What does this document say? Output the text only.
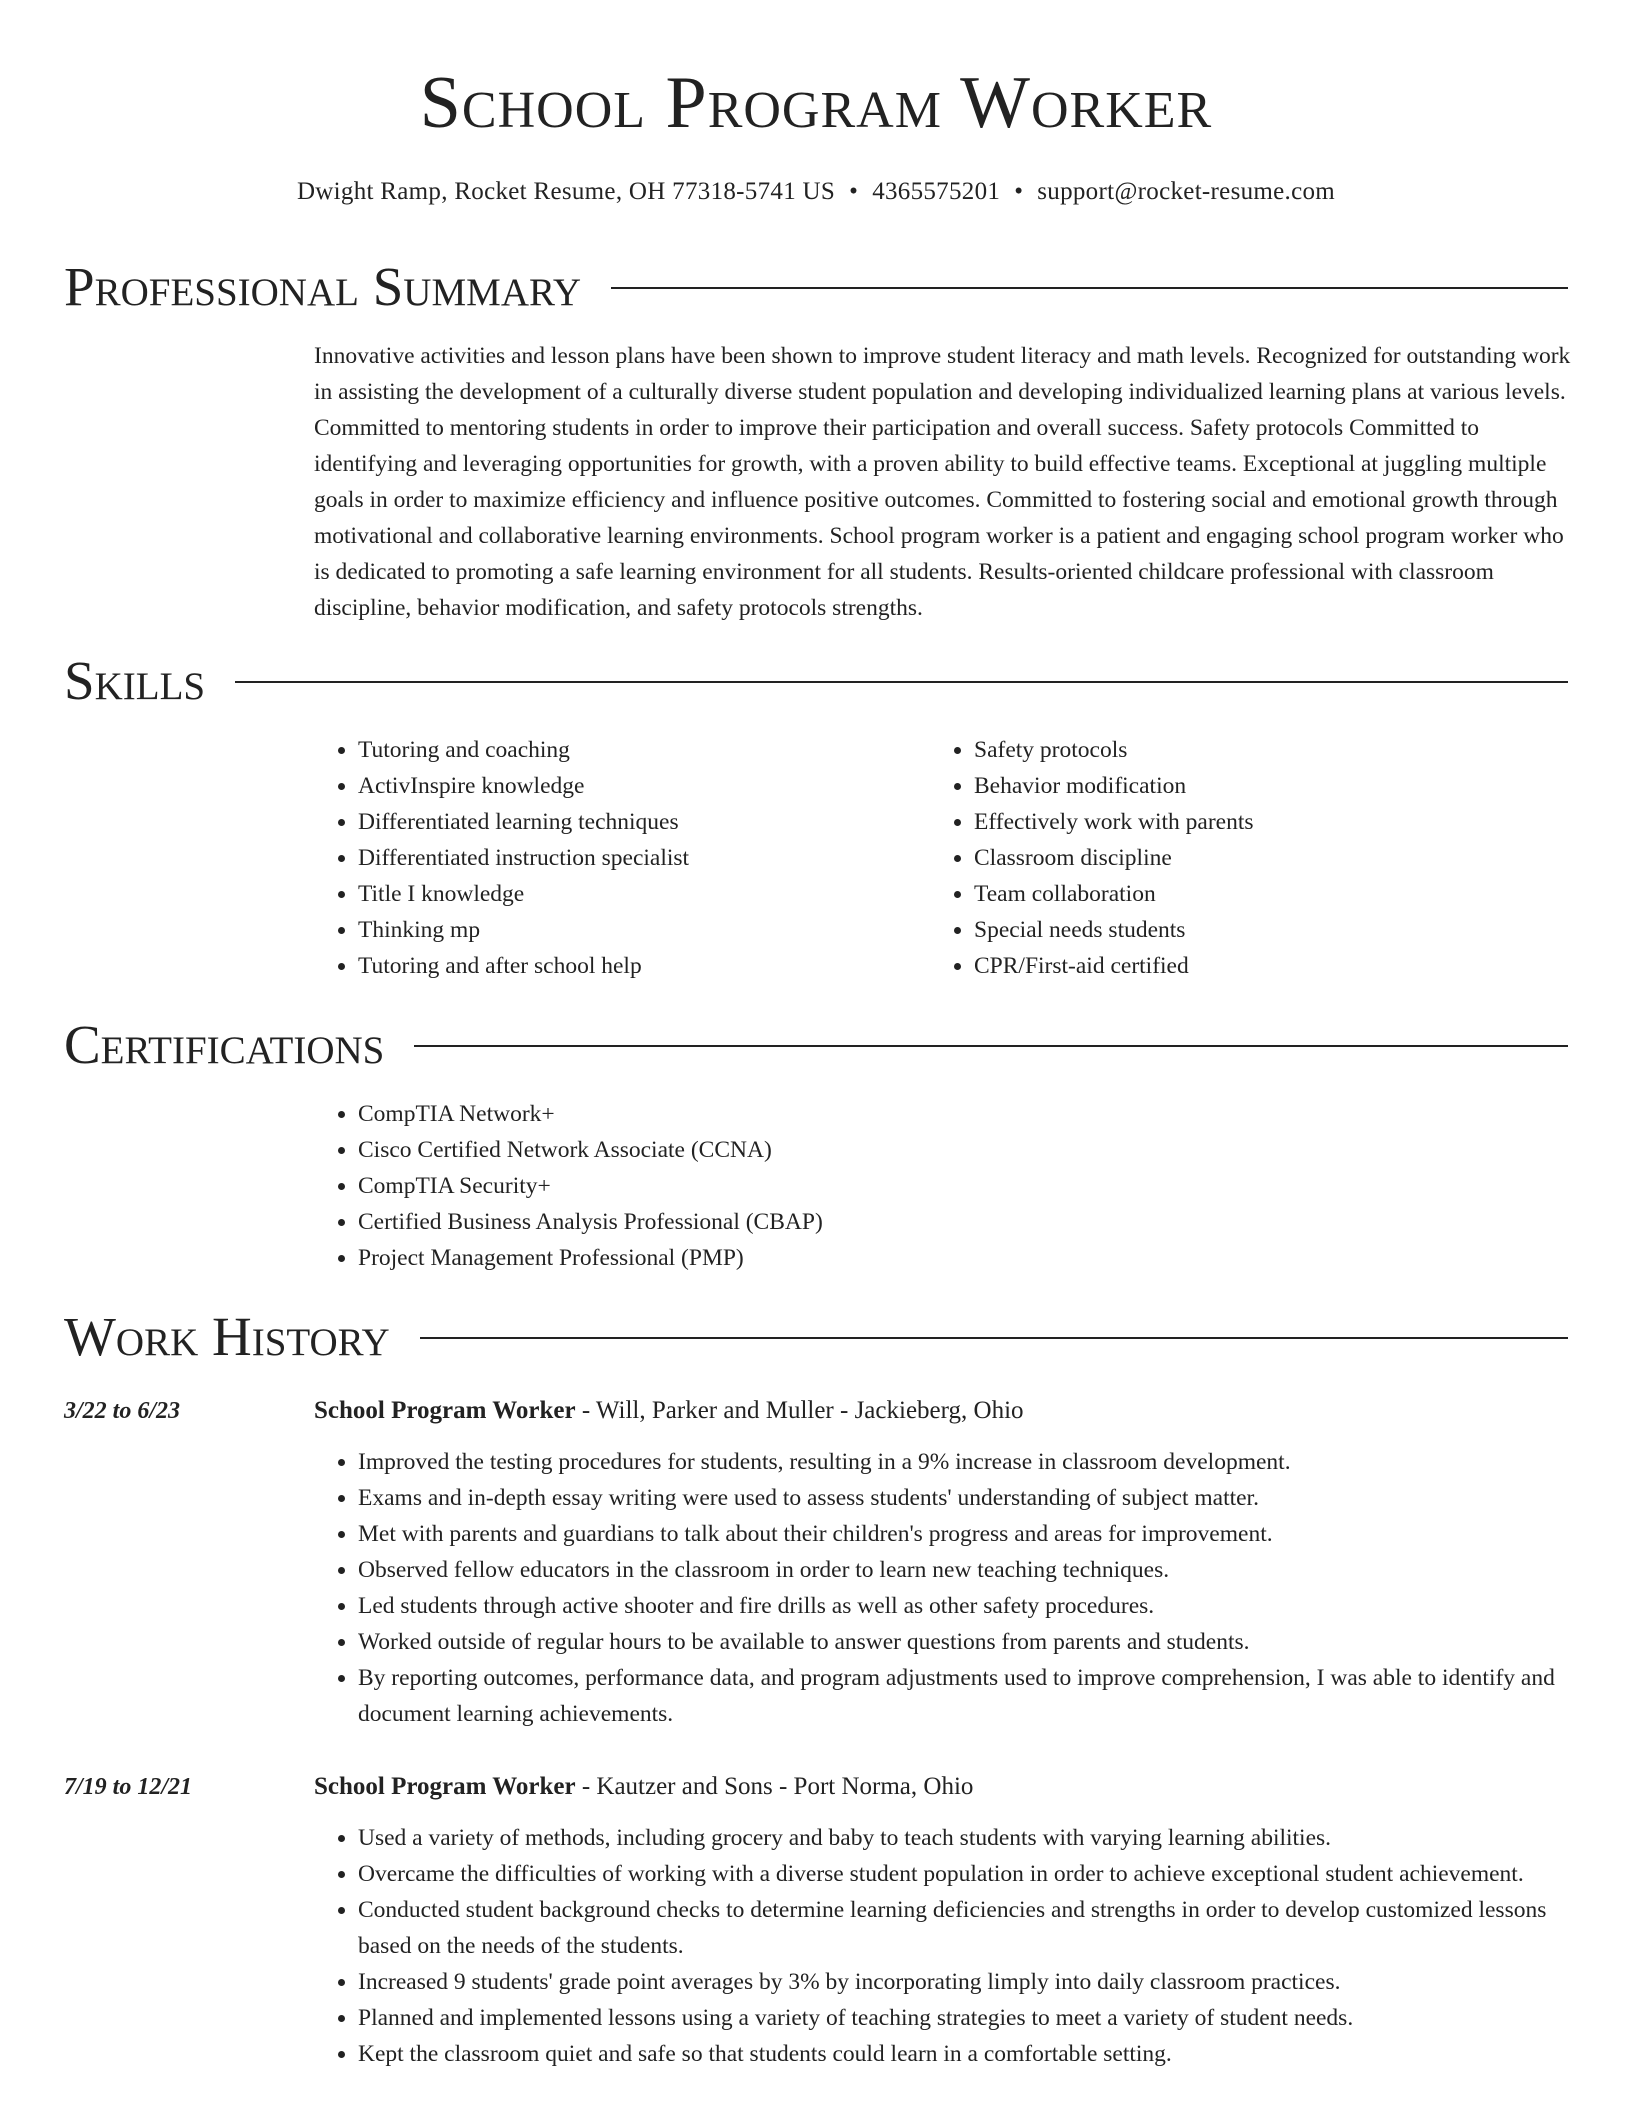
School Program Worker
Dwight Ramp, Rocket Resume, OH 77318-5741 US • 4365575201 • support@rocket-resume.com
Professional Summary

Innovative activities and lesson plans have been shown to improve student literacy and math levels. Recognized for outstanding work in assisting the development of a culturally diverse student population and developing individualized learning plans at various levels. Committed to mentoring students in order to improve their participation and overall success. Safety protocols Committed to identifying and leveraging opportunities for growth, with a proven ability to build effective teams. Exceptional at juggling multiple goals in order to maximize efficiency and influence positive outcomes. Committed to fostering social and emotional growth through motivational and collaborative learning environments. School program worker is a patient and engaging school program worker who is dedicated to promoting a safe learning environment for all students. Results-oriented childcare professional with classroom discipline, behavior modification, and safety protocols strengths.

Skills
• Tutoring and coaching
• ActivInspire knowledge
• Differentiated learning techniques
• Differentiated instruction specialist
• Title I knowledge
• Thinking mp
• Tutoring and after school help
• Safety protocols
• Behavior modification
• Effectively work with parents
• Classroom discipline
• Team collaboration
• Special needs students
• CPR/First-aid certified
Certifications
• CompTIA Network+
• Cisco Certified Network Associate (CCNA)
• CompTIA Security+
• Certified Business Analysis Professional (CBAP)
• Project Management Professional (PMP)
Work History
3/22 to 6/23	School Program Worker - Will, Parker and Muller - Jackieberg, Ohio
• Improved the testing procedures for students, resulting in a 9% increase in classroom development.
• Exams and in-depth essay writing were used to assess students' understanding of subject matter.
• Met with parents and guardians to talk about their children's progress and areas for improvement.
• Observed fellow educators in the classroom in order to learn new teaching techniques.
• Led students through active shooter and fire drills as well as other safety procedures.
• Worked outside of regular hours to be available to answer questions from parents and students.
• By reporting outcomes, performance data, and program adjustments used to improve comprehension, I was able to identify and document learning achievements.
7/19 to 12/21	School Program Worker - Kautzer and Sons - Port Norma, Ohio
• Used a variety of methods, including grocery and baby to teach students with varying learning abilities.
• Overcame the difficulties of working with a diverse student population in order to achieve exceptional student achievement.
• Conducted student background checks to determine learning deficiencies and strengths in order to develop customized lessons based on the needs of the students.
• Increased 9 students' grade point averages by 3% by incorporating limply into daily classroom practices.
• Planned and implemented lessons using a variety of teaching strategies to meet a variety of student needs.
• Kept the classroom quiet and safe so that students could learn in a comfortable setting.
